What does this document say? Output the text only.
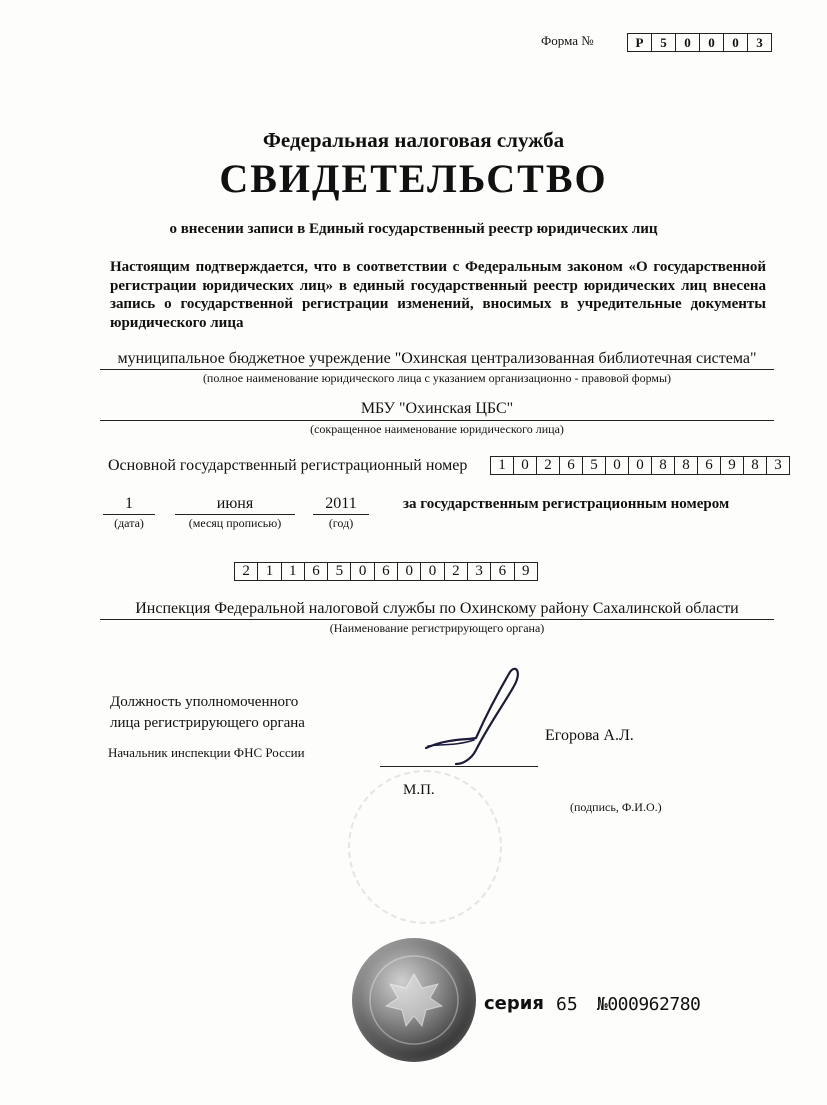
Форма №	Р	5	0	0	0	3
Федеральная налоговая служба
СВИДЕТЕЛЬСТВО
о внесении записи в Единый государственный реестр юридических лиц
Настоящим подтверждается, что в соответствии с Федеральным законом «О государственной регистрации юридических лиц» в единый государственный реестр юридических лиц внесена запись о государственной регистрации изменений, вносимых в учредительные документы юридического лица
муниципальное бюджетное учреждение "Охинская централизованная библиотечная система"
(полное наименование юридического лица с указанием организационно - правовой формы)
МБУ "Охинская ЦБС"
(сокращенное наименование юридического лица)
Основной государственный регистрационный номер	1	0	2	6	5	0	0	8	8	6	9	8	3
1	июня	2011
(дата)	(месяц прописью)	(год)
за государственным регистрационным номером
2	1	1	6	5	0	6	0	0	2	3	6	9
Инспекция Федеральной налоговой службы по Охинскому району Сахалинской области
(Наименование регистрирующего органа)
Должность уполномоченного
лица регистрирующего органа
Начальник инспекции ФНС России
Егорова А.Л.
М.П.
(подпись, Ф.И.О.)
серия 65 №000962780
